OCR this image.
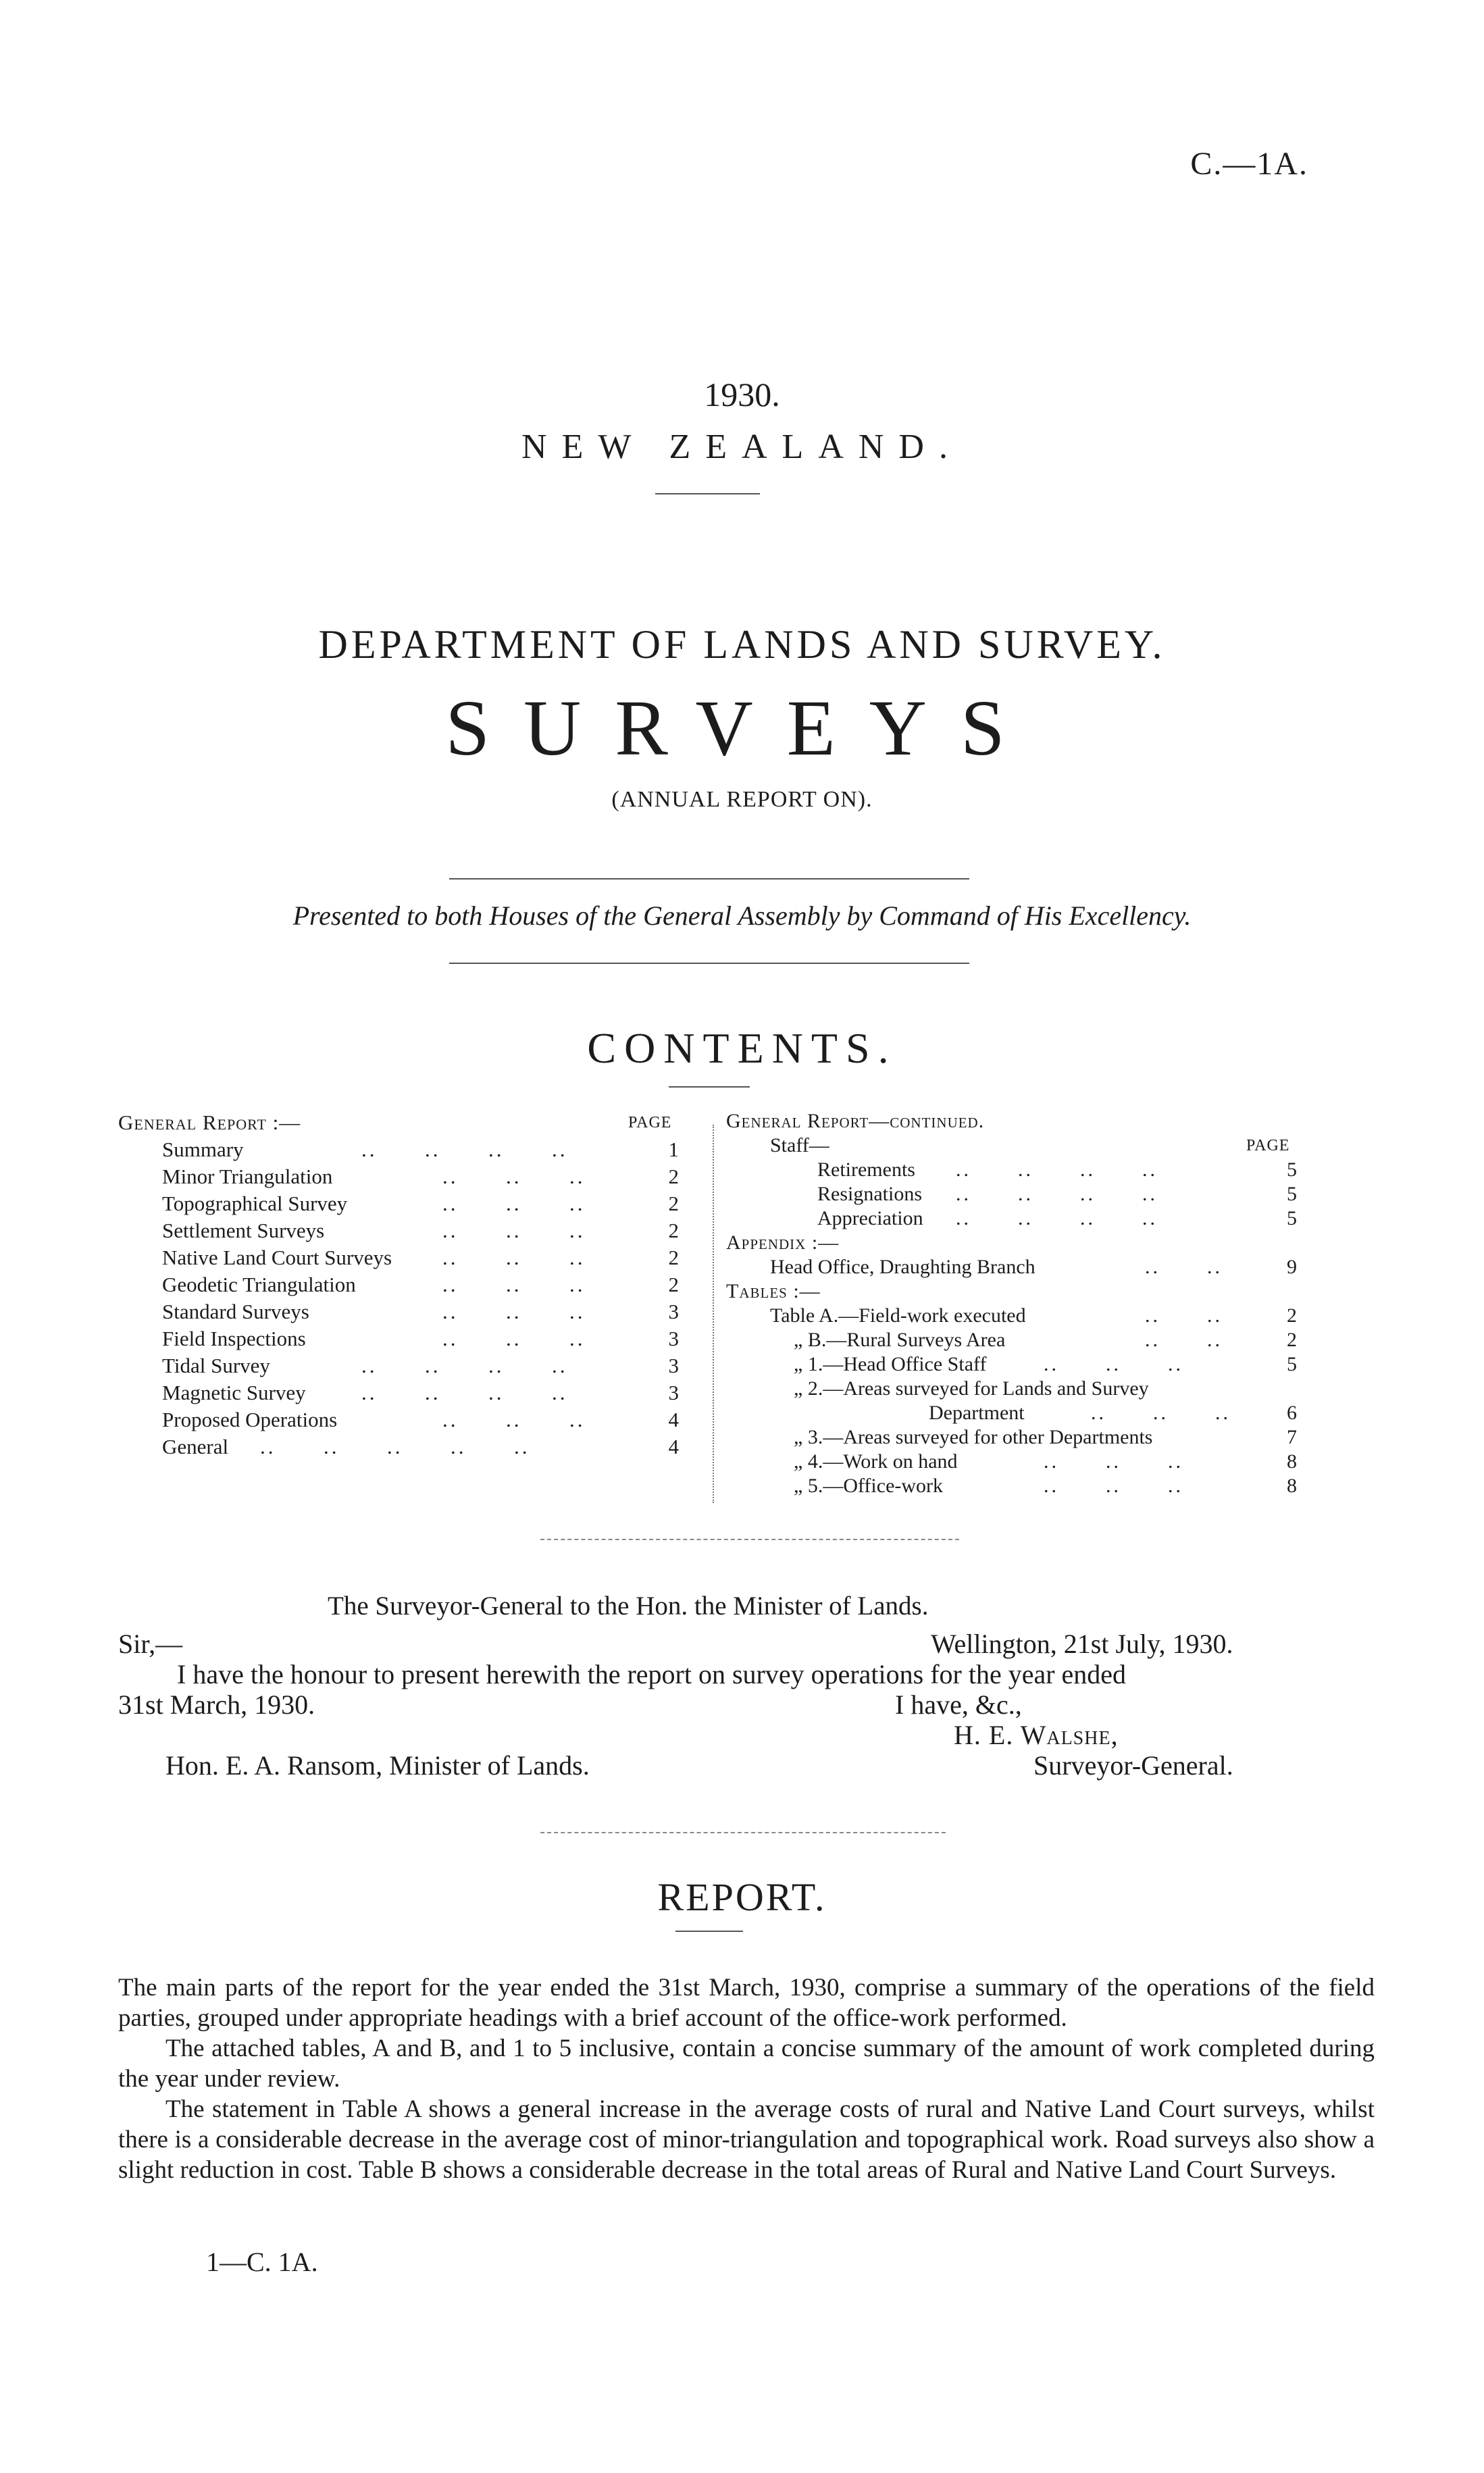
C.—1A.
1930.
NEW ZEALAND.
DEPARTMENT OF LANDS AND SURVEY.
SURVEYS
(ANNUAL REPORT ON).
Presented to both Houses of the General Assembly by Command of His Excellency.
CONTENTS.
General Report :—	PAGE
Summary	..      ..      ..      ..	1
Minor Triangulation	..      ..      ..	2
Topographical Survey	..      ..      ..	2
Settlement Surveys	..      ..      ..	2
Native Land Court Surveys ..      ..      ..	2
Geodetic Triangulation	..      ..      ..	2
Standard Surveys	..      ..      ..	3
Field Inspections	..      ..      ..	3
Tidal Survey	..      ..      ..      ..	3
Magnetic Survey	..      ..      ..      ..	3
Proposed Operations	..      ..      ..	4
General ..      ..      ..      ..      ..	4
General Report—continued.
Staff—	PAGE
Retirements ..      ..      ..      ..	5
Resignations ..      ..      ..      ..	5
Appreciation ..      ..      ..      ..	5
Appendix :—
Head Office, Draughting Branch	..      ..	9
Tables :—
Table A.—Field-work executed	..      ..	2
„ B.—Rural Surveys Area	..      ..	2
„ 1.—Head Office Staff	..      ..      ..	5
„ 2.—Areas surveyed for Lands and Survey
Department	..      ..      ..	6
„ 3.—Areas surveyed for other Departments	7
„ 4.—Work on hand	..      ..      ..	8
„ 5.—Office-work	..      ..      ..	8
The Surveyor-General to the Hon. the Minister of Lands.
Sir,—	Wellington, 21st July, 1930.
I have the honour to present herewith the report on survey operations for the year ended
31st March, 1930.	I have, &c.,
H. E. Walshe,
Hon. E. A. Ransom, Minister of Lands.	Surveyor-General.
REPORT.

The main parts of the report for the year ended the 31st March, 1930, comprise a summary of the operations of the field parties, grouped under appropriate headings with a brief account of the office-work performed.

The attached tables, A and B, and 1 to 5 inclusive, contain a concise summary of the amount of work completed during the year under review.

The statement in Table A shows a general increase in the average costs of rural and Native Land Court surveys, whilst there is a considerable decrease in the average cost of minor-triangulation and topographical work. Road surveys also show a slight reduction in cost. Table B shows a considerable decrease in the total areas of Rural and Native Land Court Surveys.

1—C. 1A.
